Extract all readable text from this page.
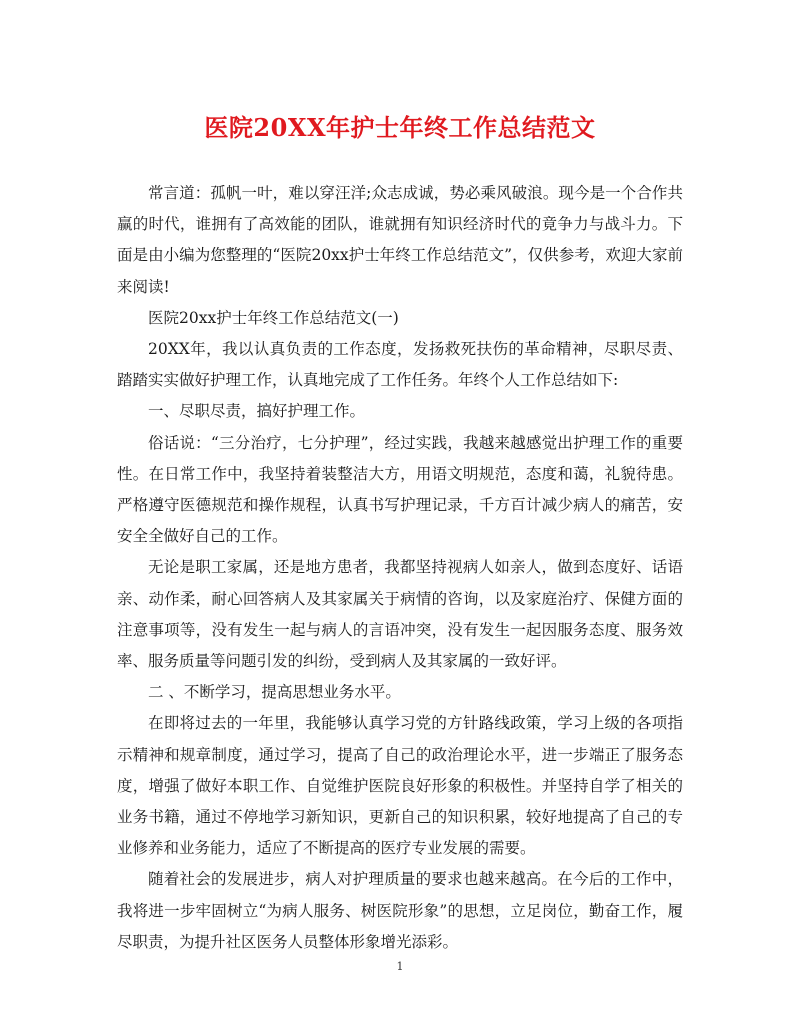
医院20XX年护士年终工作总结范文

常言道：孤帆一叶，难以穿汪洋;众志成诚，势必乘风破浪。现今是一个合作共赢的时代，谁拥有了高效能的团队，谁就拥有知识经济时代的竟争力与战斗力。下面是由小编为您整理的“医院20xx护士年终工作总结范文”，仅供参考，欢迎大家前来阅读!

医院20xx护士年终工作总结范文(一)

20XX年，我以认真负责的工作态度，发扬救死扶伤的革命精神，尽职尽责、踏踏实实做好护理工作，认真地完成了工作任务。年终个人工作总结如下:

一、尽职尽责，搞好护理工作。

俗话说：“三分治疗，七分护理”，经过实践，我越来越感觉出护理工作的重要性。在日常工作中，我坚持着装整洁大方，用语文明规范，态度和蔼，礼貌待患。严格遵守医德规范和操作规程，认真书写护理记录，千方百计减少病人的痛苦，安安全全做好自己的工作。

无论是职工家属，还是地方患者，我都坚持视病人如亲人，做到态度好、话语亲、动作柔，耐心回答病人及其家属关于病情的咨询，以及家庭治疗、保健方面的注意事项等，没有发生一起与病人的言语冲突，没有发生一起因服务态度、服务效率、服务质量等问题引发的纠纷，受到病人及其家属的一致好评。

二 、不断学习，提高思想业务水平。

在即将过去的一年里，我能够认真学习党的方针路线政策，学习上级的各项指示精神和规章制度，通过学习，提高了自己的政治理论水平，进一步端正了服务态度，增强了做好本职工作、自觉维护医院良好形象的积极性。并坚持自学了相关的业务书籍，通过不停地学习新知识，更新自己的知识积累，较好地提高了自己的专业修养和业务能力，适应了不断提高的医疗专业发展的需要。

随着社会的发展进步，病人对护理质量的要求也越来越高。在今后的工作中，我将进一步牢固树立“为病人服务、树医院形象”的思想，立足岗位，勤奋工作，履尽职责，为提升社区医务人员整体形象增光添彩。

1
